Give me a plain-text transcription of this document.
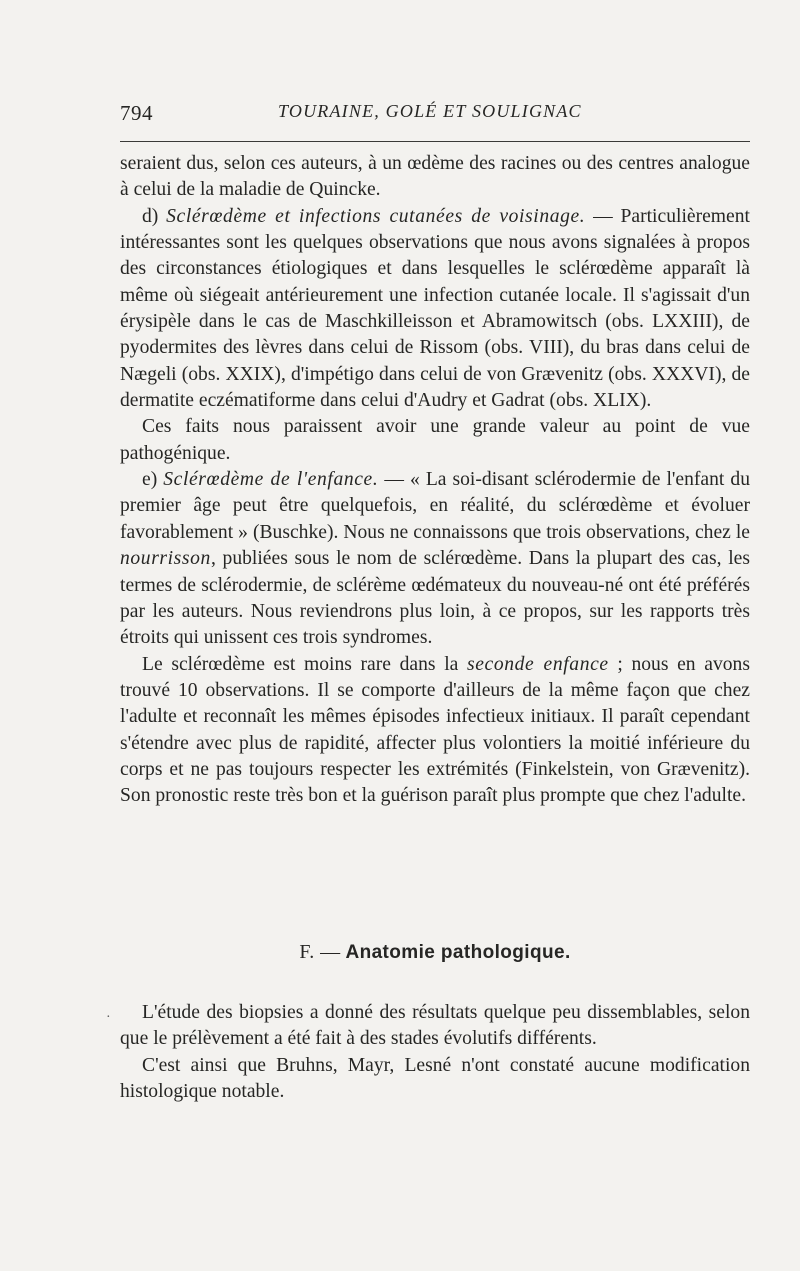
794	TOURAINE, GOLÉ ET SOULIGNAC

seraient dus, selon ces auteurs, à un œdème des racines ou des centres analogue à celui de la maladie de Quincke.

d) Sclérœdème et infections cutanées de voisinage. — Particulièrement intéressantes sont les quelques observations que nous avons signalées à propos des circonstances étiologiques et dans lesquelles le sclérœdème apparaît là même où siégeait antérieurement une infection cutanée locale. Il s'agissait d'un érysipèle dans le cas de Maschkilleisson et Abramowitsch (obs. LXXIII), de pyodermites des lèvres dans celui de Rissom (obs. VIII), du bras dans celui de Nægeli (obs. XXIX), d'impétigo dans celui de von Grævenitz (obs. XXXVI), de dermatite eczématiforme dans celui d'Audry et Gadrat (obs. XLIX).

Ces faits nous paraissent avoir une grande valeur au point de vue pathogénique.

e) Sclérœdème de l'enfance. — « La soi-disant sclérodermie de l'enfant du premier âge peut être quelquefois, en réalité, du sclérœdème et évoluer favorablement » (Buschke). Nous ne connaissons que trois observations, chez le nourrisson, publiées sous le nom de sclérœdème. Dans la plupart des cas, les termes de sclérodermie, de sclérème œdémateux du nouveau-né ont été préférés par les auteurs. Nous reviendrons plus loin, à ce propos, sur les rapports très étroits qui unissent ces trois syndromes.

Le sclérœdème est moins rare dans la seconde enfance ; nous en avons trouvé 10 observations. Il se comporte d'ailleurs de la même façon que chez l'adulte et reconnaît les mêmes épisodes infectieux initiaux. Il paraît cependant s'étendre avec plus de rapidité, affecter plus volontiers la moitié inférieure du corps et ne pas toujours respecter les extrémités (Finkelstein, von Grævenitz). Son pronostic reste très bon et la guérison paraît plus prompte que chez l'adulte.

F. — Anatomie pathologique.
·	L'étude des biopsies a donné des résultats quelque peu dissemblables, selon que le prélèvement a été fait à des stades évolutifs différents.

C'est ainsi que Bruhns, Mayr, Lesné n'ont constaté aucune modification histologique notable.
